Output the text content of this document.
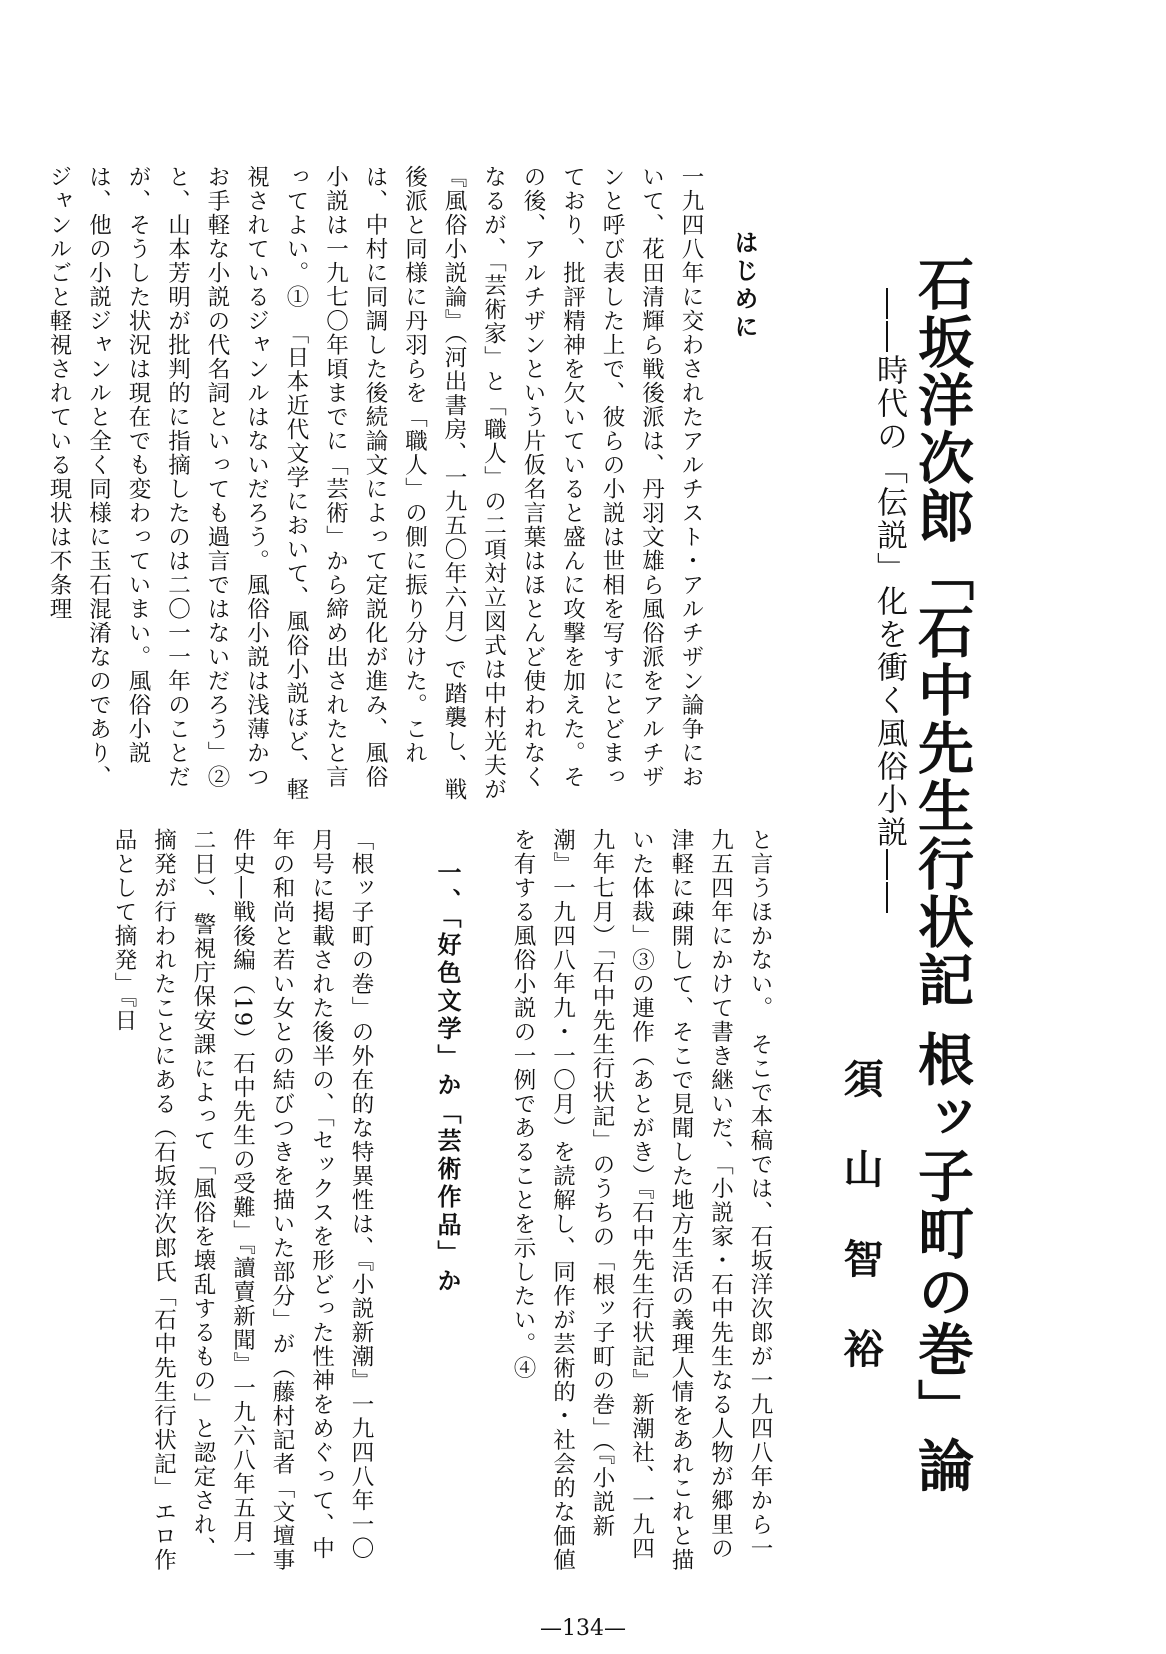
石坂洋次郎「石中先生行状記 根ッ子町の巻」論
――時代の「伝説」化を衝く風俗小説――
須 山 智 裕
はじめに
一九四八年に交わされたアルチスト・アルチザン論争において、花田清輝ら戦後派は、丹羽文雄ら風俗派をアルチザンと呼び表した上で、彼らの小説は世相を写すにとどまっており、批評精神を欠いていると盛んに攻撃を加えた。その後、アルチザンという片仮名言葉はほとんど使われなくなるが、「芸術家」と「職人」の二項対立図式は中村光夫が『風俗小説論』（河出書房、一九五〇年六月）で踏襲し、戦後派と同様に丹羽らを「職人」の側に振り分けた。これは、中村に同調した後続論文によって定説化が進み、風俗小説は一九七〇年頃までに「芸術」から締め出されたと言ってよい。①　「日本近代文学において、風俗小説ほど、軽視されているジャンルはないだろう。風俗小説は浅薄かつお手軽な小説の代名詞といっても過言ではないだろう」②と、山本芳明が批判的に指摘したのは二〇一一年のことだが、そうした状況は現在でも変わっていまい。風俗小説は、他の小説ジャンルと全く同様に玉石混淆なのであり、ジャンルごと軽視されている現状は不条理
と言うほかない。　そこで本稿では、石坂洋次郎が一九四八年から一九五四年にかけて書き継いだ、「小説家・石中先生なる人物が郷里の津軽に疎開して、そこで見聞した地方生活の義理人情をあれこれと描いた体裁」③の連作（あとがき）『石中先生行状記』新潮社、一九四九年七月）「石中先生行状記」のうちの「根ッ子町の巻」（『小説新潮』一九四八年九・一〇月）を読解し、同作が芸術的・社会的な価値を有する風俗小説の一例であることを示したい。④
一、「好色文学」か「芸術作品」か
「根ッ子町の巻」の外在的な特異性は、『小説新潮』一九四八年一〇月号に掲載された後半の、「セックスを形どった性神をめぐって、中年の和尚と若い女との結びつきを描いた部分」が（藤村記者「文壇事件史―戦後編（19）石中先生の受難」『讀賣新聞』一九六八年五月一二日）、警視庁保安課によって「風俗を壊乱するもの」と認定され、摘発が行われたことにある（石坂洋次郎氏「石中先生行状記」エロ作品として摘発」『日
—134—
